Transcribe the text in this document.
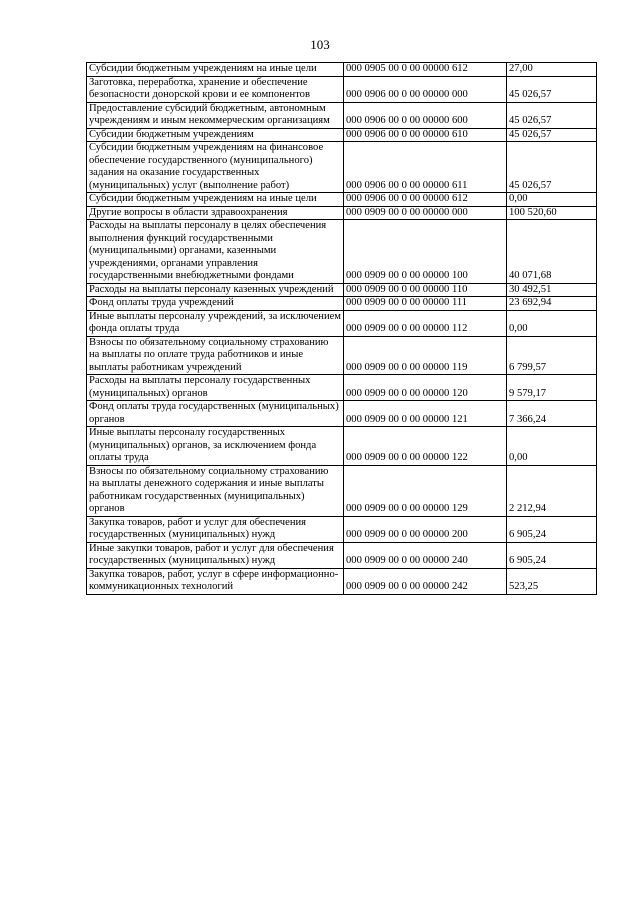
103
Субсидии бюджетным учреждениям на иные цели	000 0905 00 0 00 00000 612	27,00
Заготовка, переработка, хранение и обеспечение безопасности донорской крови и ее компонентов	000 0906 00 0 00 00000 000	45 026,57
Предоставление субсидий бюджетным, автономным учреждениям и иным некоммерческим организациям	000 0906 00 0 00 00000 600	45 026,57
Субсидии бюджетным учреждениям	000 0906 00 0 00 00000 610	45 026,57
Субсидии бюджетным учреждениям на финансовое обеспечение государственного (муниципального) задания на оказание государственных (муниципальных) услуг (выполнение работ)	000 0906 00 0 00 00000 611	45 026,57
Субсидии бюджетным учреждениям на иные цели	000 0906 00 0 00 00000 612	0,00
Другие вопросы в области здравоохранения	000 0909 00 0 00 00000 000	100 520,60
Расходы на выплаты персоналу в целях обеспечения выполнения функций государственными (муниципальными) органами, казенными учреждениями, органами управления государственными внебюджетными фондами	000 0909 00 0 00 00000 100	40 071,68
Расходы на выплаты персоналу казенных учреждений	000 0909 00 0 00 00000 110	30 492,51
Фонд оплаты труда учреждений	000 0909 00 0 00 00000 111	23 692,94
Иные выплаты персоналу учреждений, за исключением фонда оплаты труда	000 0909 00 0 00 00000 112	0,00
Взносы по обязательному социальному страхованию на выплаты по оплате труда работников и иные выплаты работникам учреждений	000 0909 00 0 00 00000 119	6 799,57
Расходы на выплаты персоналу государственных (муниципальных) органов	000 0909 00 0 00 00000 120	9 579,17
Фонд оплаты труда государственных (муниципальных) органов	000 0909 00 0 00 00000 121	7 366,24
Иные выплаты персоналу государственных (муниципальных) органов, за исключением фонда оплаты труда	000 0909 00 0 00 00000 122	0,00
Взносы по обязательному социальному страхованию на выплаты денежного содержания и иные выплаты работникам государственных (муниципальных) органов	000 0909 00 0 00 00000 129	2 212,94
Закупка товаров, работ и услуг для обеспечения государственных (муниципальных) нужд	000 0909 00 0 00 00000 200	6 905,24
Иные закупки товаров, работ и услуг для обеспечения государственных (муниципальных) нужд	000 0909 00 0 00 00000 240	6 905,24
Закупка товаров, работ, услуг в сфере информационно-коммуникационных технологий	000 0909 00 0 00 00000 242	523,25
